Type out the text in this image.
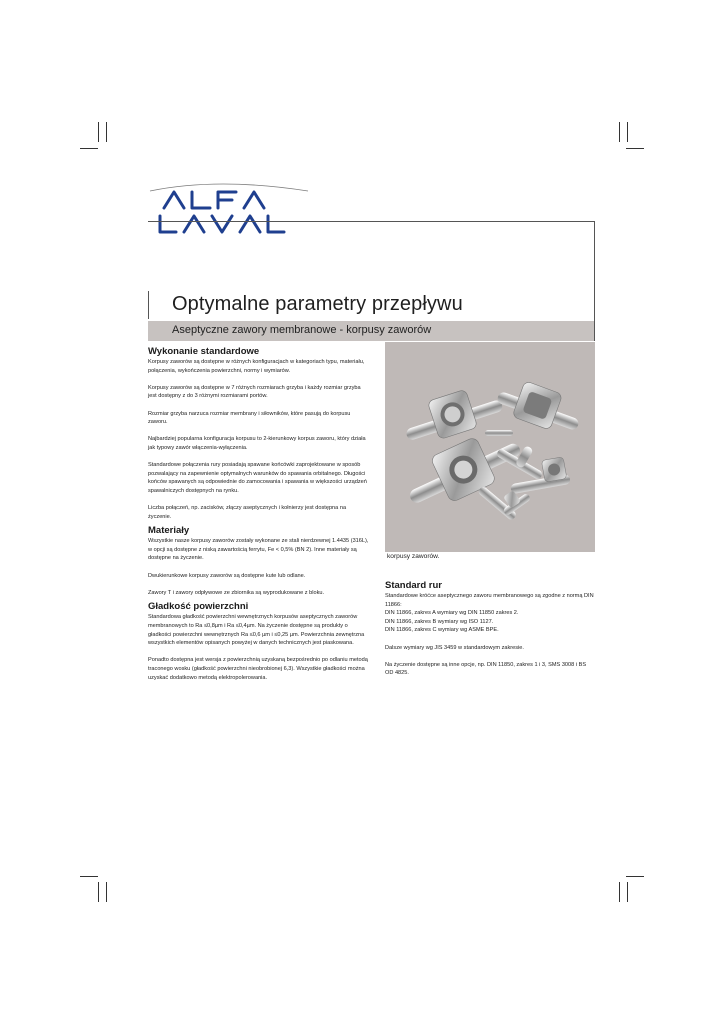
Optymalne parametry przepływu
Aseptyczne zawory membranowe - korpusy zaworów
Wykonanie standardowe

Korpusy zaworów są dostępne w różnych konfiguracjach w kategoriach typu, materiału, połączenia, wykończenia powierzchni, normy i wymiarów.

Korpusy zaworów są dostępne w 7 różnych rozmiarach grzyba i każdy rozmiar grzyba jest dostępny z do 3 różnymi rozmiarami portów.

Rozmiar grzyba narzuca rozmiar membrany i siłowników, które pasują do korpusu zaworu.

Najbardziej popularna konfiguracja korpusu to 2-kierunkowy korpus zaworu, który działa jak typowy zawór włączenia-wyłączenia.

Standardowe połączenia rury posiadają spawane końcówki zaprojektowane w sposób pozwalający na zapewnienie optymalnych warunków do spawania orbitalnego. Długości końców spawanych są odpowiednie do zamocowania i spawania w większości urządzeń spawalniczych dostępnych na rynku.

Liczba połączeń, np. zacisków, złączy aseptycznych i kołnierzy jest dostępna na życzenie.

Materiały

Wszystkie nasze korpusy zaworów zostały wykonane ze stali nierdzewnej 1.4435 (316L), w opcji są dostępne z niską zawartością ferrytu, Fe < 0,5% (BN 2). Inne materiały są dostępne na życzenie.

Dwukierunkowe korpusy zaworów są dostępne kute lub odlane.

Zawory T i zawory odpływowe ze zbiornika są wyprodukowane z bloku.

Gładkość powierzchni

Standardowa gładkość powierzchni wewnętrznych korpusów aseptycznych zaworów membranowych to Ra ≤0,8µm i Ra ≤0,4µm. Na życzenie dostępne są produkty o gładkości powierzchni wewnętrznych Ra ≤0,6 µm i ≤0,25 µm. Powierzchnia zewnętrzna wszystkich elementów opisanych powyżej w danych technicznych jest piaskowana.

Ponadto dostępna jest wersja z powierzchnią uzyskaną bezpośrednio po odlaniu metodą traconego wosku (gładkość powierzchni nieobrobionej 6,3). Wszystkie gładkości można uzyskać dodatkowo metodą elektropolerowania.

korpusy zaworów.
Standard rur

Standardowe króćce aseptycznego zaworu membranowego są zgodne z normą DIN 11866:
DIN 11866, zakres A wymiary wg DIN 11850 zakres 2.
DIN 11866, zakres B wymiary wg ISO 1127.
DIN 11866, zakres C wymiary wg ASME BPE.

Dalsze wymiary wg JIS 3459 w standardowym zakresie.

Na życzenie dostępne są inne opcje, np. DIN 11850, zakres 1 i 3, SMS 3008 i BS OD 4825.
